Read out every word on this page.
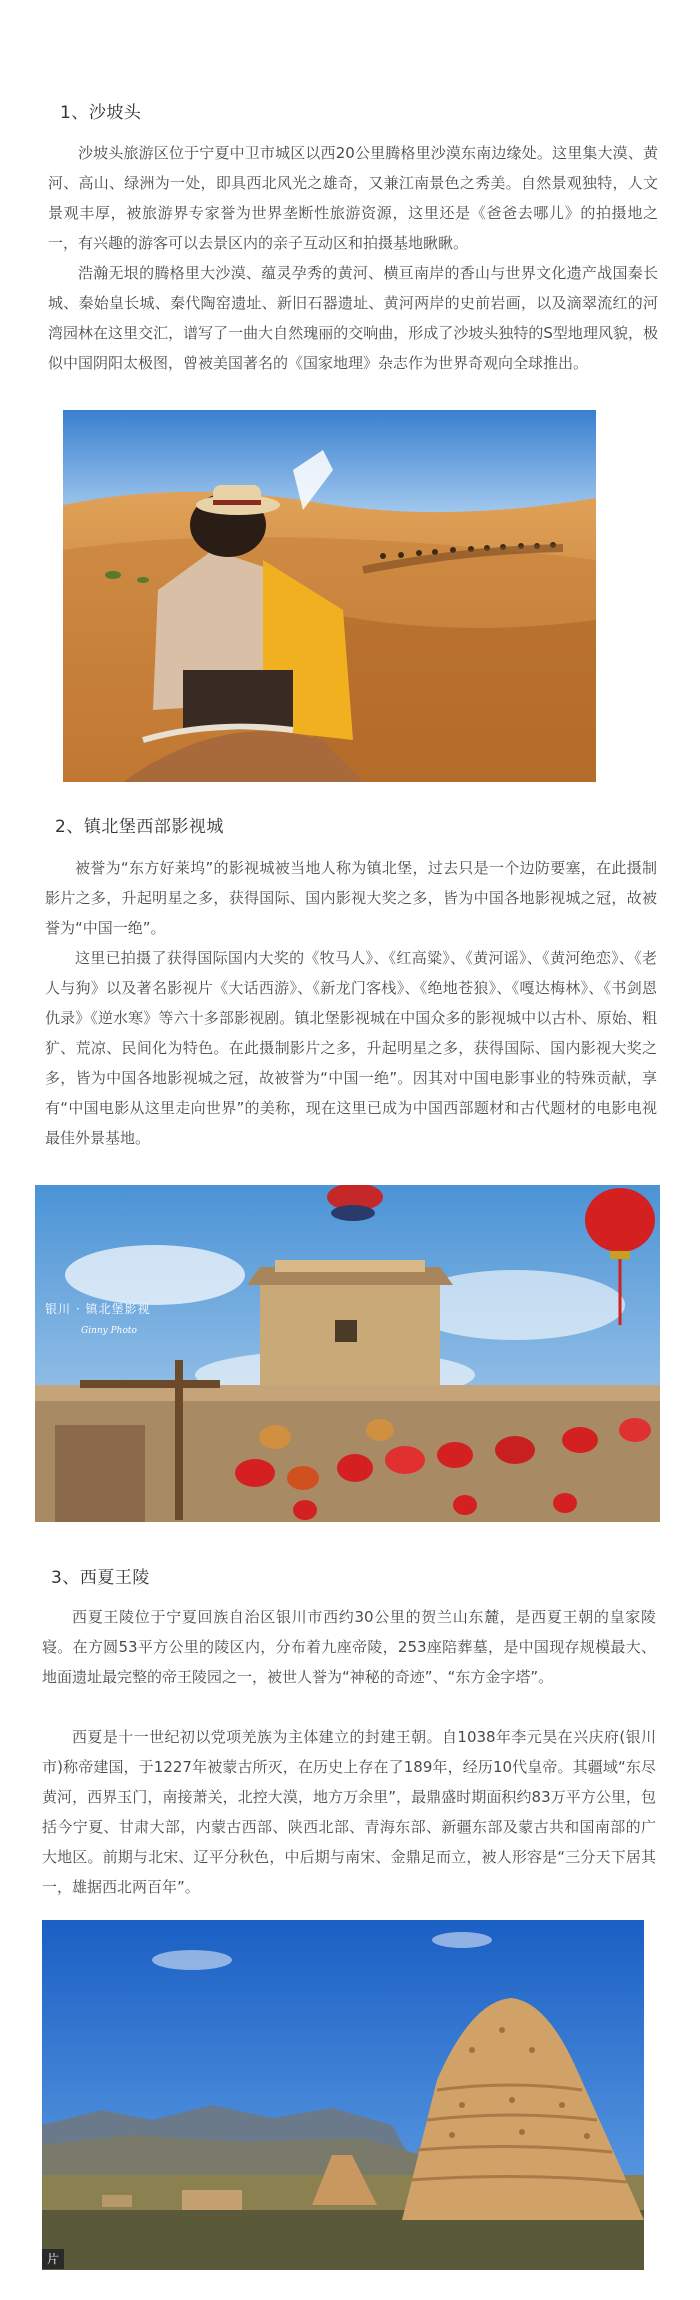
1、沙坡头

沙坡头旅游区位于宁夏中卫市城区以西20公里腾格里沙漠东南边缘处。这里集大漠、黄河、高山、绿洲为一处，即具西北风光之雄奇，又兼江南景色之秀美。自然景观独特，人文景观丰厚，被旅游界专家誉为世界垄断性旅游资源，这里还是《爸爸去哪儿》的拍摄地之一，有兴趣的游客可以去景区内的亲子互动区和拍摄基地瞅瞅。

浩瀚无垠的腾格里大沙漠、蕴灵孕秀的黄河、横亘南岸的香山与世界文化遗产战国秦长城、秦始皇长城、秦代陶窑遗址、新旧石器遗址、黄河两岸的史前岩画，以及滴翠流红的河湾园林在这里交汇，谱写了一曲大自然瑰丽的交响曲，形成了沙坡头独特的S型地理风貌，极似中国阴阳太极图，曾被美国著名的《国家地理》杂志作为世界奇观向全球推出。

2、镇北堡西部影视城

被誉为“东方好莱坞”的影视城被当地人称为镇北堡，过去只是一个边防要塞，在此摄制影片之多，升起明星之多，获得国际、国内影视大奖之多，皆为中国各地影视城之冠，故被誉为“中国一绝”。

这里已拍摄了获得国际国内大奖的《牧马人》、《红高粱》、《黄河谣》、《黄河绝恋》、《老人与狗》以及著名影视片《大话西游》、《新龙门客栈》、《绝地苍狼》、《嘎达梅林》、《书剑恩仇录》《逆水寒》等六十多部影视剧。镇北堡影视城在中国众多的影视城中以古朴、原始、粗犷、荒凉、民间化为特色。在此摄制影片之多，升起明星之多，获得国际、国内影视大奖之多，皆为中国各地影视城之冠，故被誉为“中国一绝”。因其对中国电影事业的特殊贡献，享有“中国电影从这里走向世界”的美称，现在这里已成为中国西部题材和古代题材的电影电视最佳外景基地。

银川 · 镇北堡影视
Ginny Photo
3、西夏王陵

西夏王陵位于宁夏回族自治区银川市西约30公里的贺兰山东麓，是西夏王朝的皇家陵寝。在方圆53平方公里的陵区内，分布着九座帝陵，253座陪葬墓，是中国现存规模最大、地面遗址最完整的帝王陵园之一，被世人誉为“神秘的奇迹”、“东方金字塔”。

西夏是十一世纪初以党项羌族为主体建立的封建王朝。自1038年李元昊在兴庆府(银川市)称帝建国，于1227年被蒙古所灭，在历史上存在了189年，经历10代皇帝。其疆域“东尽黄河，西界玉门，南接萧关，北控大漠，地方万余里”，最鼎盛时期面积约83万平方公里，包括今宁夏、甘肃大部，内蒙古西部、陕西北部、青海东部、新疆东部及蒙古共和国南部的广大地区。前期与北宋、辽平分秋色，中后期与南宋、金鼎足而立，被人形容是“三分天下居其一，雄据西北两百年”。

片
